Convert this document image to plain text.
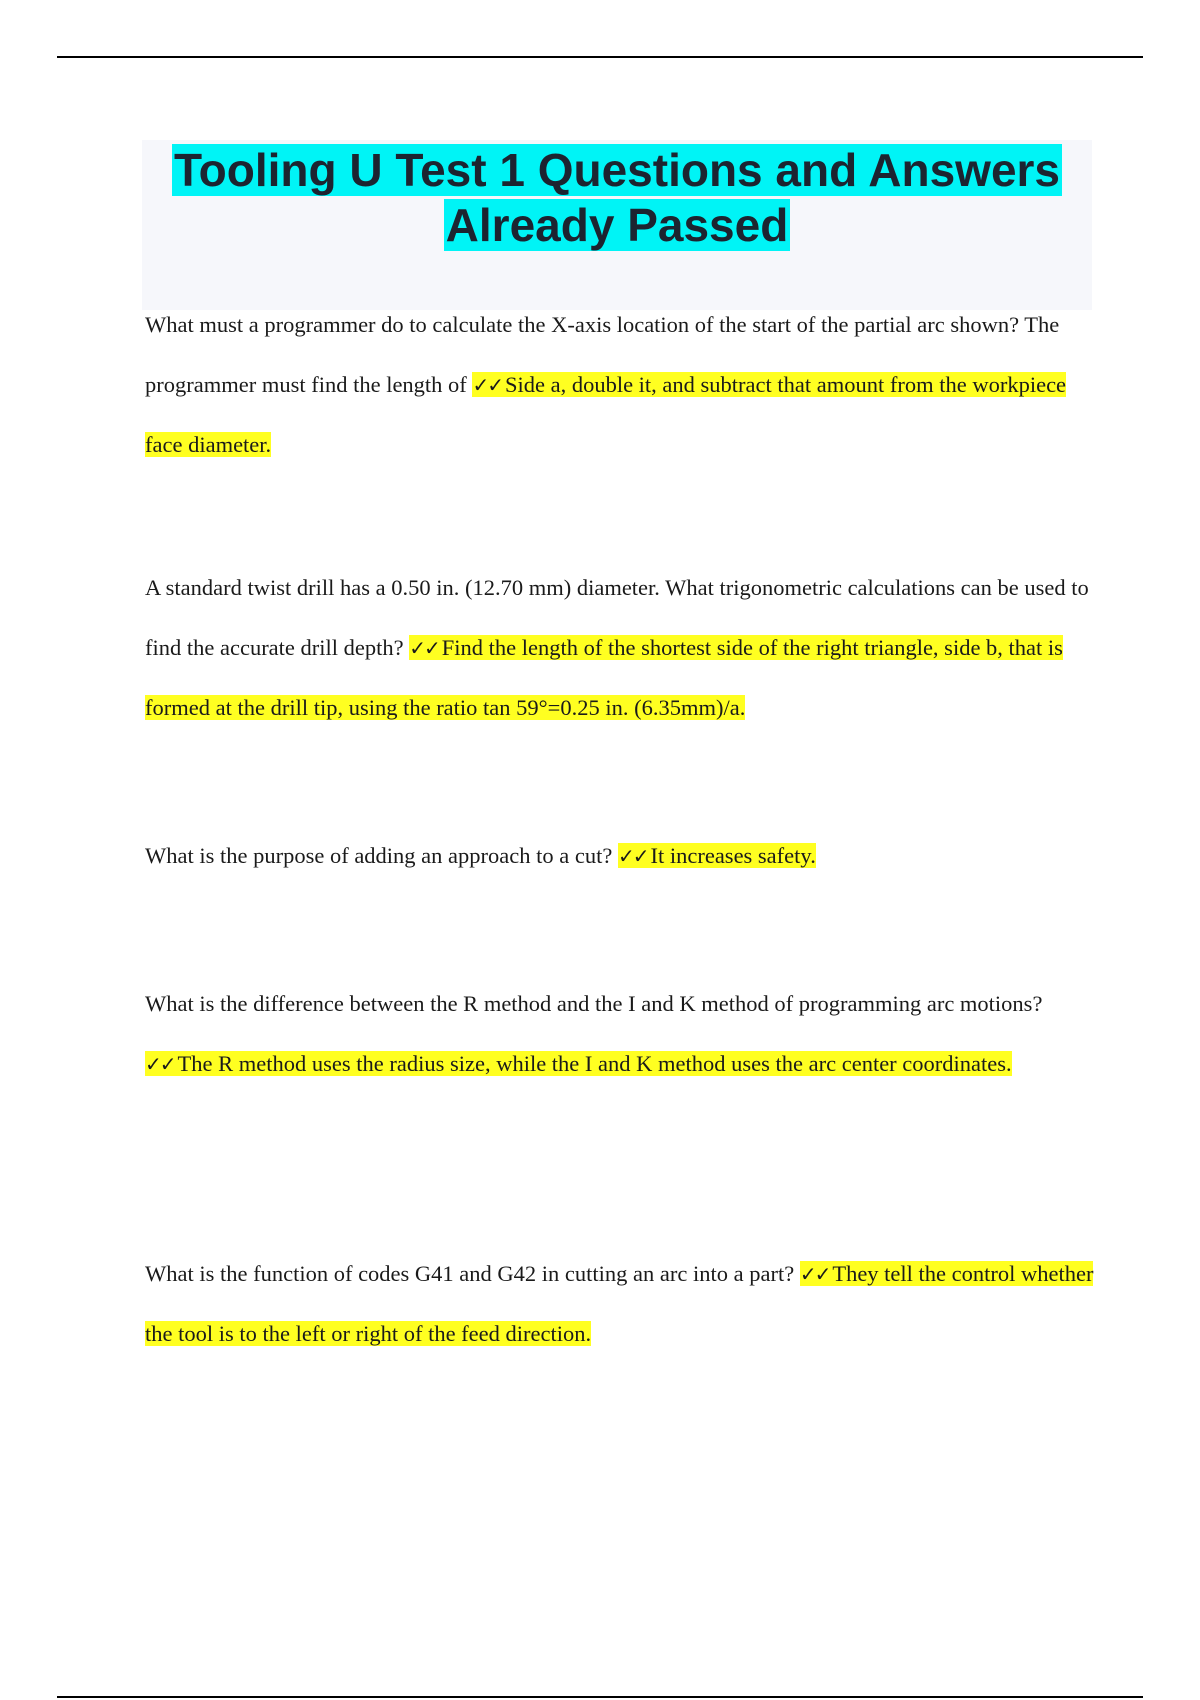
Tooling U Test 1 Questions and Answers
Already Passed

What must a programmer do to calculate the X-axis location of the start of the partial arc shown? The programmer must find the length of ✓✓ Side a, double it, and subtract that amount from the workpiece face diameter.

A standard twist drill has a 0.50 in. (12.70 mm) diameter. What trigonometric calculations can be used to find the accurate drill depth? ✓✓ Find the length of the shortest side of the right triangle, side b, that is formed at the drill tip, using the ratio tan 59°=0.25 in. (6.35mm)/a.

What is the purpose of adding an approach to a cut? ✓✓ It increases safety.

What is the difference between the R method and the I and K method of programming arc motions? ✓✓ The R method uses the radius size, while the I and K method uses the arc center coordinates.

What is the function of codes G41 and G42 in cutting an arc into a part? ✓✓ They tell the control whether the tool is to the left or right of the feed direction.
